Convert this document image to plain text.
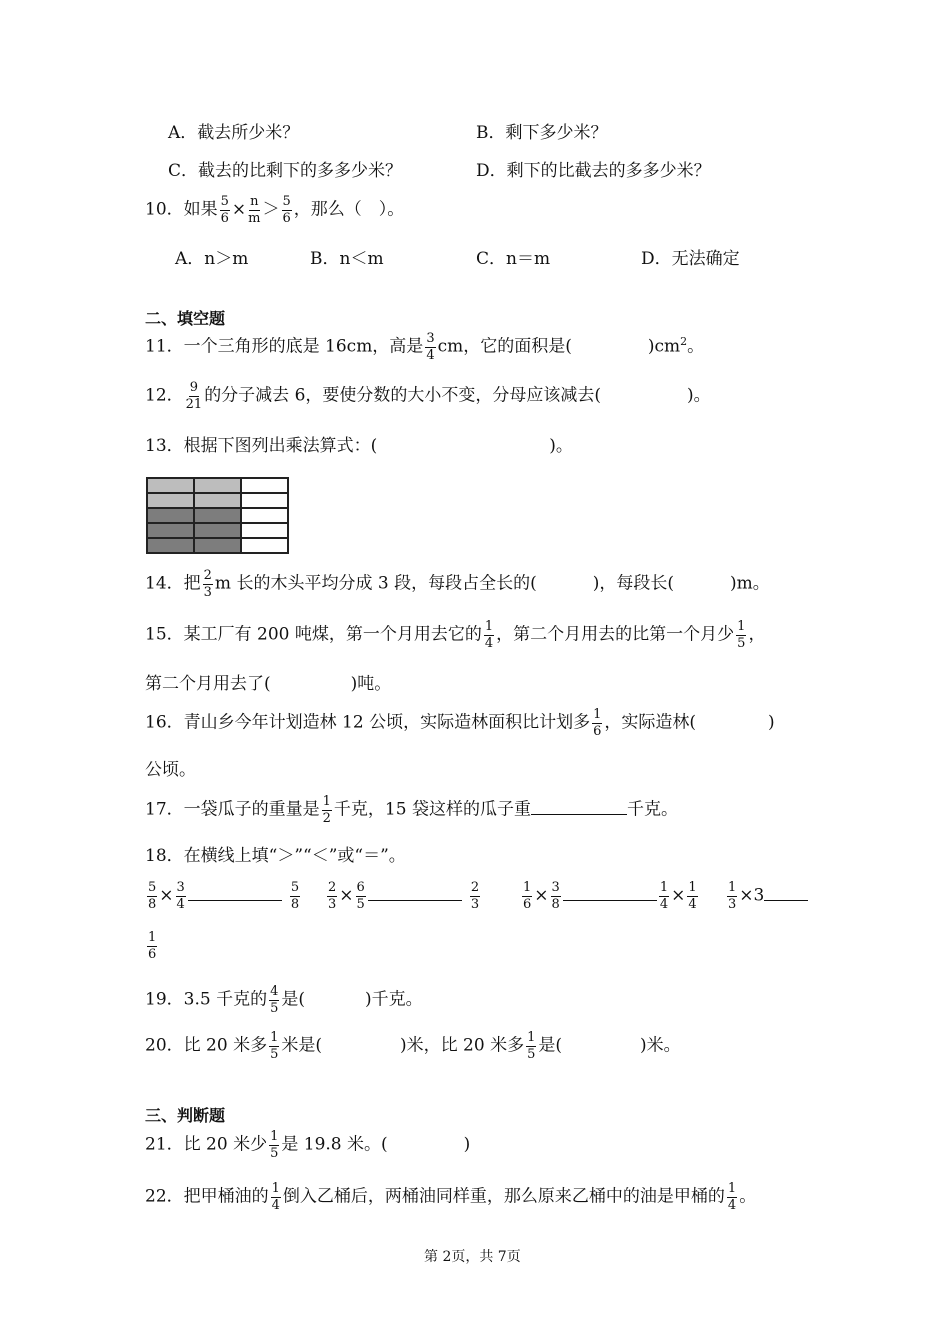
A．截去所少米？	B．剩下多少米？
C．截去的比剩下的多多少米？	D．剩下的比截去的多多少米？
10．如果 $\frac{5}{6} \times \frac{n}{m} > \frac{5}{6}$ ，那么（　）。
A．n＞m	B．n＜m	C．n＝m	D．无法确定
二、填空题
11．一个三角形的底是 16cm，高是 $\frac{3}{4}$ cm，它的面积是(	)$cm^2$。
12． $\frac{9}{21}$ 的分子减去 6，要使分数的大小不变，分母应该减去(	)。
13．根据下图列出乘法算式：(	)。

14．把 $\frac{2}{3}$ m 长的木头平均分成 3 段，每段占全长的(	)，每段长(	)m。
15．某工厂有 200 吨煤，第一个月用去它的 $\frac{1}{4}$ ，第二个月用去的比第一个月少 $\frac{1}{5}$ ，
第二个月用去了(	)吨。
16．青山乡今年计划造林 12 公顷，实际造林面积比计划多 $\frac{1}{6}$ ，实际造林(	)
公顷。
17．一袋瓜子的重量是 $\frac{1}{2}$ 千克，15 袋这样的瓜子重	千克。
18．在横线上填“＞”“＜”或“＝”。
$\frac{5}{8} \times \frac{3}{4}$	$\frac{5}{8} \frac{2}{3} \times \frac{6}{5}$	$\frac{2}{3}$	$\frac{1}{6} \times \frac{3}{8}$	$\frac{1}{4} \times \frac{1}{4} \frac{1}{3} \times 3$
$\frac{1}{6}$
19．3.5 千克的 $\frac{4}{5}$ 是(	)千克。
20．比 20 米多 $\frac{1}{5}$ 米是(	)米，比 20 米多 $\frac{1}{5}$ 是(	)米。
三、判断题
21．比 20 米少 $\frac{1}{5}$ 是 19.8 米。(	)
22．把甲桶油的 $\frac{1}{4}$ 倒入乙桶后，两桶油同样重，那么原来乙桶中的油是甲桶的 $\frac{1}{4}$ 。
第 2页，共 7页
